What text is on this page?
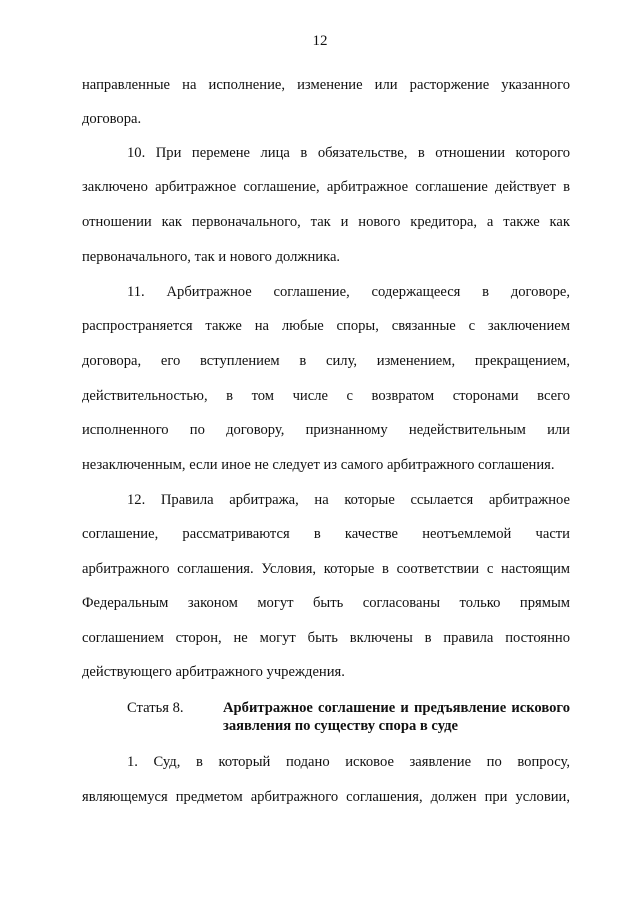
12
направленные на исполнение, изменение или расторжение указанного
договора.
10. При перемене лица в обязательстве, в отношении которого
заключено арбитражное соглашение, арбитражное соглашение действует в
отношении как первоначального, так и нового кредитора, а также как
первоначального, так и нового должника.
11. Арбитражное соглашение, содержащееся в договоре,
распространяется также на любые споры, связанные с заключением
договора, его вступлением в силу, изменением, прекращением,
действительностью, в том числе с возвратом сторонами всего
исполненного по договору, признанному недействительным или
незаключенным, если иное не следует из самого арбитражного соглашения.
12. Правила арбитража, на которые ссылается арбитражное
соглашение, рассматриваются в качестве неотъемлемой части
арбитражного соглашения. Условия, которые в соответствии с настоящим
Федеральным законом могут быть согласованы только прямым
соглашением сторон, не могут быть включены в правила постоянно
действующего арбитражного учреждения.
Статья 8.	Арбитражное соглашение и предъявление искового
заявления по существу спора в суде
1. Суд, в который подано исковое заявление по вопросу,
являющемуся предметом арбитражного соглашения, должен при условии,
